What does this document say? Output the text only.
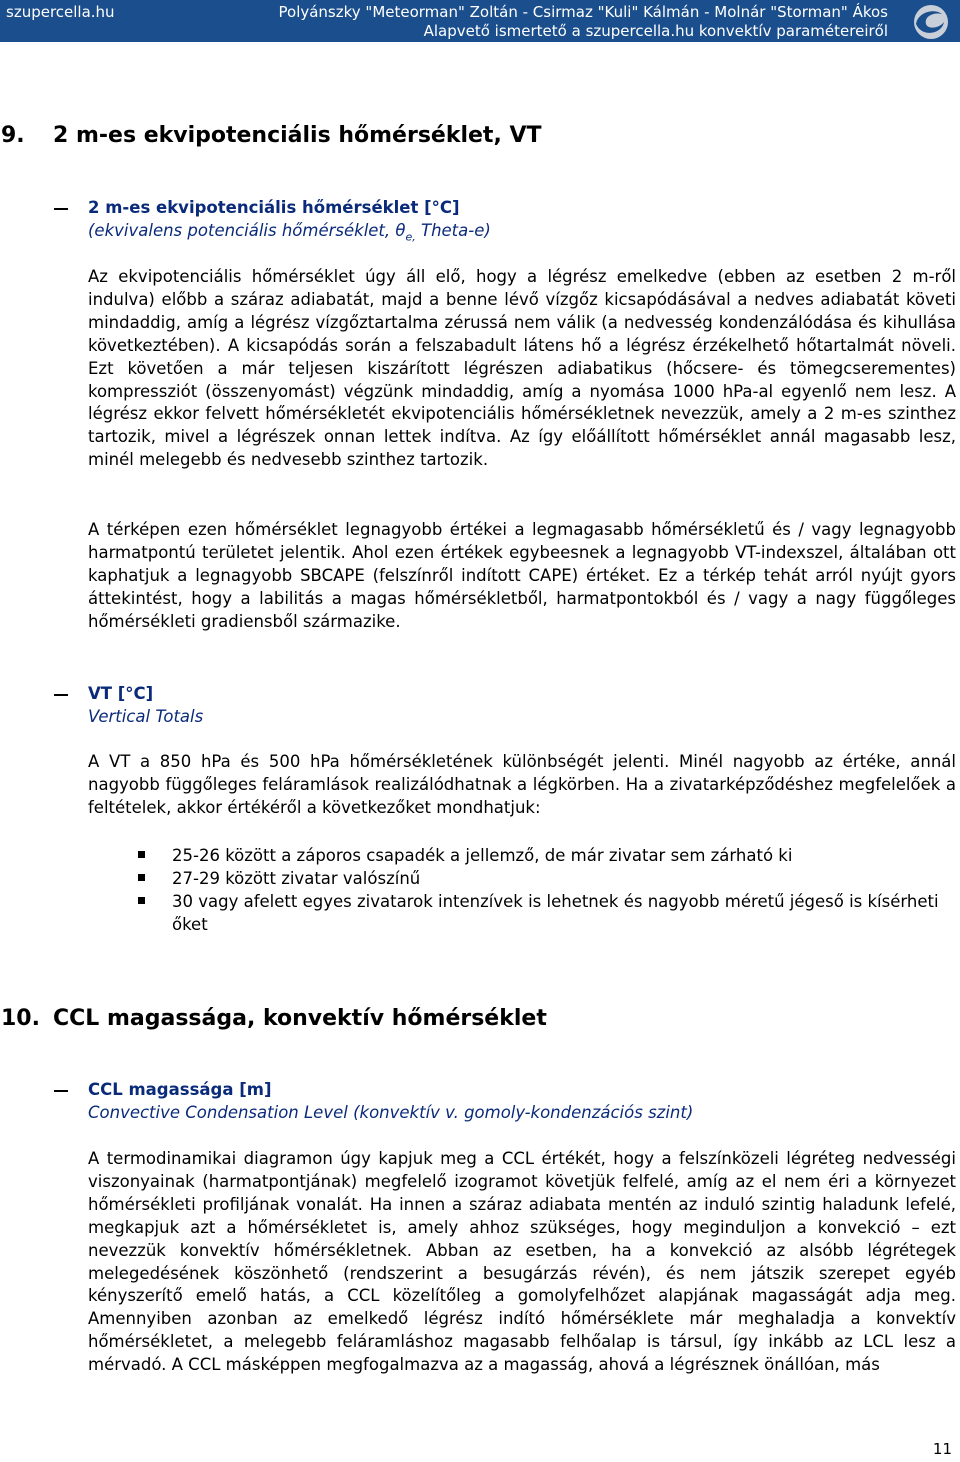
szupercella.hu	Polyánszky "Meteorman" Zoltán - Csirmaz "Kuli" Kálmán - Molnár "Storman" Ákos
Alapvető ismertető a szupercella.hu konvektív paramétereiről
9. 2 m-es ekvipotenciális hőmérséklet, VT
2 m-es ekvipotenciális hőmérséklet [°C]
(ekvivalens potenciális hőmérséklet, $\theta_{e,}$ Theta-e)
Az ekvipotenciális hőmérséklet úgy áll elő, hogy a légrész emelkedve (ebben az esetben 2 m-ről indulva) előbb a száraz adiabatát, majd a benne lévő vízgőz kicsapódásával a nedves adiabatát követi mindaddig, amíg a légrész vízgőztartalma zérussá nem válik (a nedvesség kondenzálódása és kihullása következtében). A kicsapódás során a felszabadult látens hő a légrész érzékelhető hőtartalmát növeli. Ezt követően a már teljesen kiszárított légrészen adiabatikus (hőcsere- és tömegcserementes) kompressziót (összenyomást) végzünk mindaddig, amíg a nyomása 1000 hPa-al egyenlő nem lesz. A légrész ekkor felvett hőmérsékletét ekvipotenciális hőmérsékletnek nevezzük, amely a 2 m-es szinthez tartozik, mivel a légrészek onnan lettek indítva. Az így előállított hőmérséklet annál magasabb lesz, minél melegebb és nedvesebb szinthez tartozik.
A térképen ezen hőmérséklet legnagyobb értékei a legmagasabb hőmérsékletű és / vagy legnagyobb harmatpontú területet jelentik. Ahol ezen értékek egybeesnek a legnagyobb VT-indexszel, általában ott kaphatjuk a legnagyobb SBCAPE (felszínről indított CAPE) értéket. Ez a térkép tehát arról nyújt gyors áttekintést, hogy a labilitás a magas hőmérsékletből, harmatpontokból és / vagy a nagy függőleges hőmérsékleti gradiensből származike.
VT [°C]
Vertical Totals
A VT a 850 hPa és 500 hPa hőmérsékletének különbségét jelenti. Minél nagyobb az értéke, annál nagyobb függőleges feláramlások realizálódhatnak a légkörben. Ha a zivatarképződéshez megfelelőek a feltételek, akkor értékéről a következőket mondhatjuk:
25-26 között a záporos csapadék a jellemző, de már zivatar sem zárható ki
27-29 között zivatar valószínű
30 vagy afelett egyes zivatarok intenzívek is lehetnek és nagyobb méretű jégeső is kísérheti őket
10. CCL magassága, konvektív hőmérséklet
CCL magassága [m]
Convective Condensation Level (konvektív v. gomoly-kondenzációs szint)
A termodinamikai diagramon úgy kapjuk meg a CCL értékét, hogy a felszínközeli légréteg nedvességi viszonyainak (harmatpontjának) megfelelő izogramot követjük felfelé, amíg az el nem éri a környezet hőmérsékleti profiljának vonalát. Ha innen a száraz adiabata mentén az induló szintig haladunk lefelé, megkapjuk azt a hőmérsékletet is, amely ahhoz szükséges, hogy meginduljon a konvekció – ezt nevezzük konvektív hőmérsékletnek. Abban az esetben, ha a konvekció az alsóbb légrétegek melegedésének köszönhető (rendszerint a besugárzás révén), és nem játszik szerepet egyéb kényszerítő emelő hatás, a CCL közelítőleg a gomolyfelhőzet alapjának magasságát adja meg. Amennyiben azonban az emelkedő légrész indító hőmérséklete már meghaladja a konvektív hőmérsékletet, a melegebb feláramláshoz magasabb felhőalap is társul, így inkább az LCL lesz a mérvadó. A CCL másképpen megfogalmazva az a magasság, ahová a légrésznek önállóan, más
11
